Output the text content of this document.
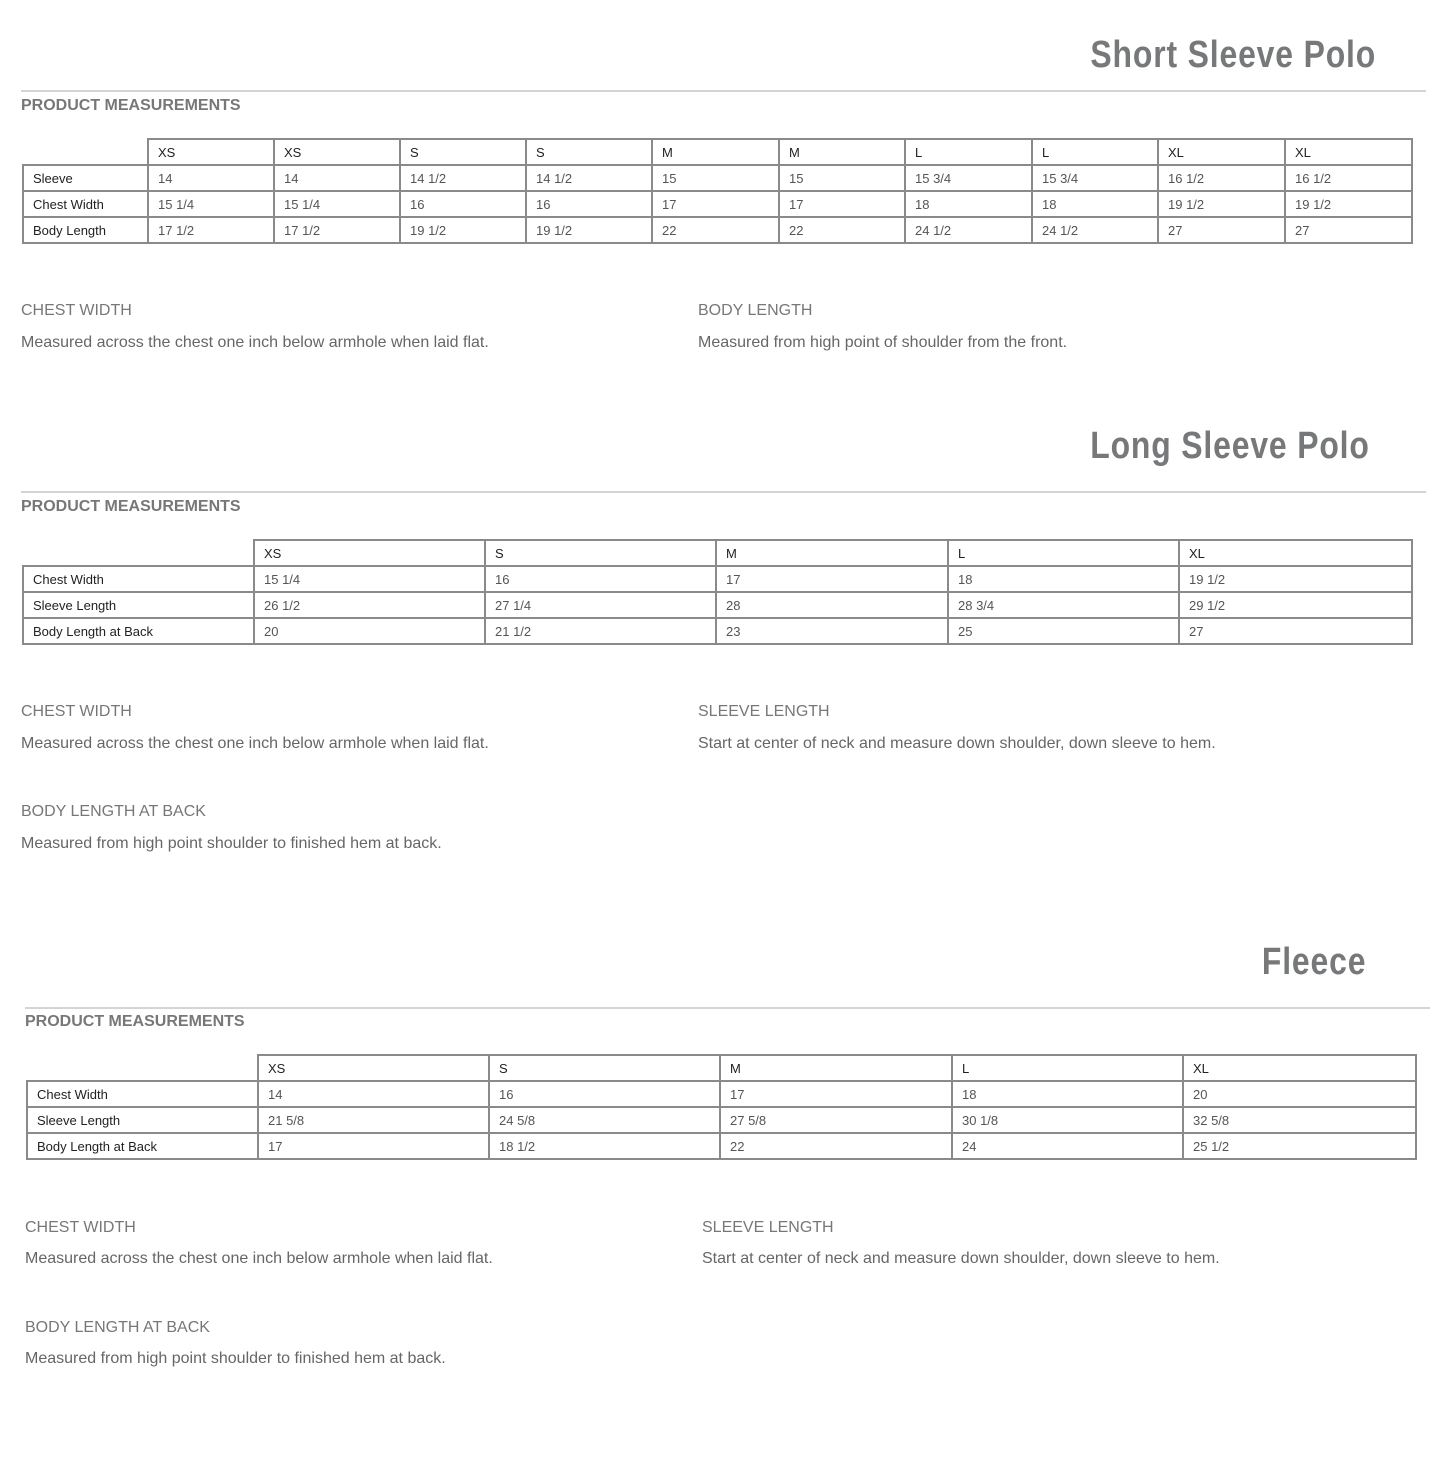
Short Sleeve Polo
PRODUCT MEASUREMENTS
	XS	XS	S	S	M	M	L	L	XL	XL
Sleeve	14	14	14 1/2	14 1/2	15	15	15 3/4	15 3/4	16 1/2	16 1/2
Chest Width	15 1/4	15 1/4	16	16	17	17	18	18	19 1/2	19 1/2
Body Length	17 1/2	17 1/2	19 1/2	19 1/2	22	22	24 1/2	24 1/2	27	27
CHEST WIDTH
Measured across the chest one inch below armhole when laid flat.
BODY LENGTH
Measured from high point of shoulder from the front.
Long Sleeve Polo
PRODUCT MEASUREMENTS
	XS	S	M	L	XL
Chest Width	15 1/4	16	17	18	19 1/2
Sleeve Length	26 1/2	27 1/4	28	28 3/4	29 1/2
Body Length at Back	20	21 1/2	23	25	27
CHEST WIDTH
Measured across the chest one inch below armhole when laid flat.
SLEEVE LENGTH
Start at center of neck and measure down shoulder, down sleeve to hem.
BODY LENGTH AT BACK
Measured from high point shoulder to finished hem at back.
Fleece
PRODUCT MEASUREMENTS
	XS	S	M	L	XL
Chest Width	14	16	17	18	20
Sleeve Length	21 5/8	24 5/8	27 5/8	30 1/8	32 5/8
Body Length at Back	17	18 1/2	22	24	25 1/2
CHEST WIDTH
Measured across the chest one inch below armhole when laid flat.
SLEEVE LENGTH
Start at center of neck and measure down shoulder, down sleeve to hem.
BODY LENGTH AT BACK
Measured from high point shoulder to finished hem at back.
